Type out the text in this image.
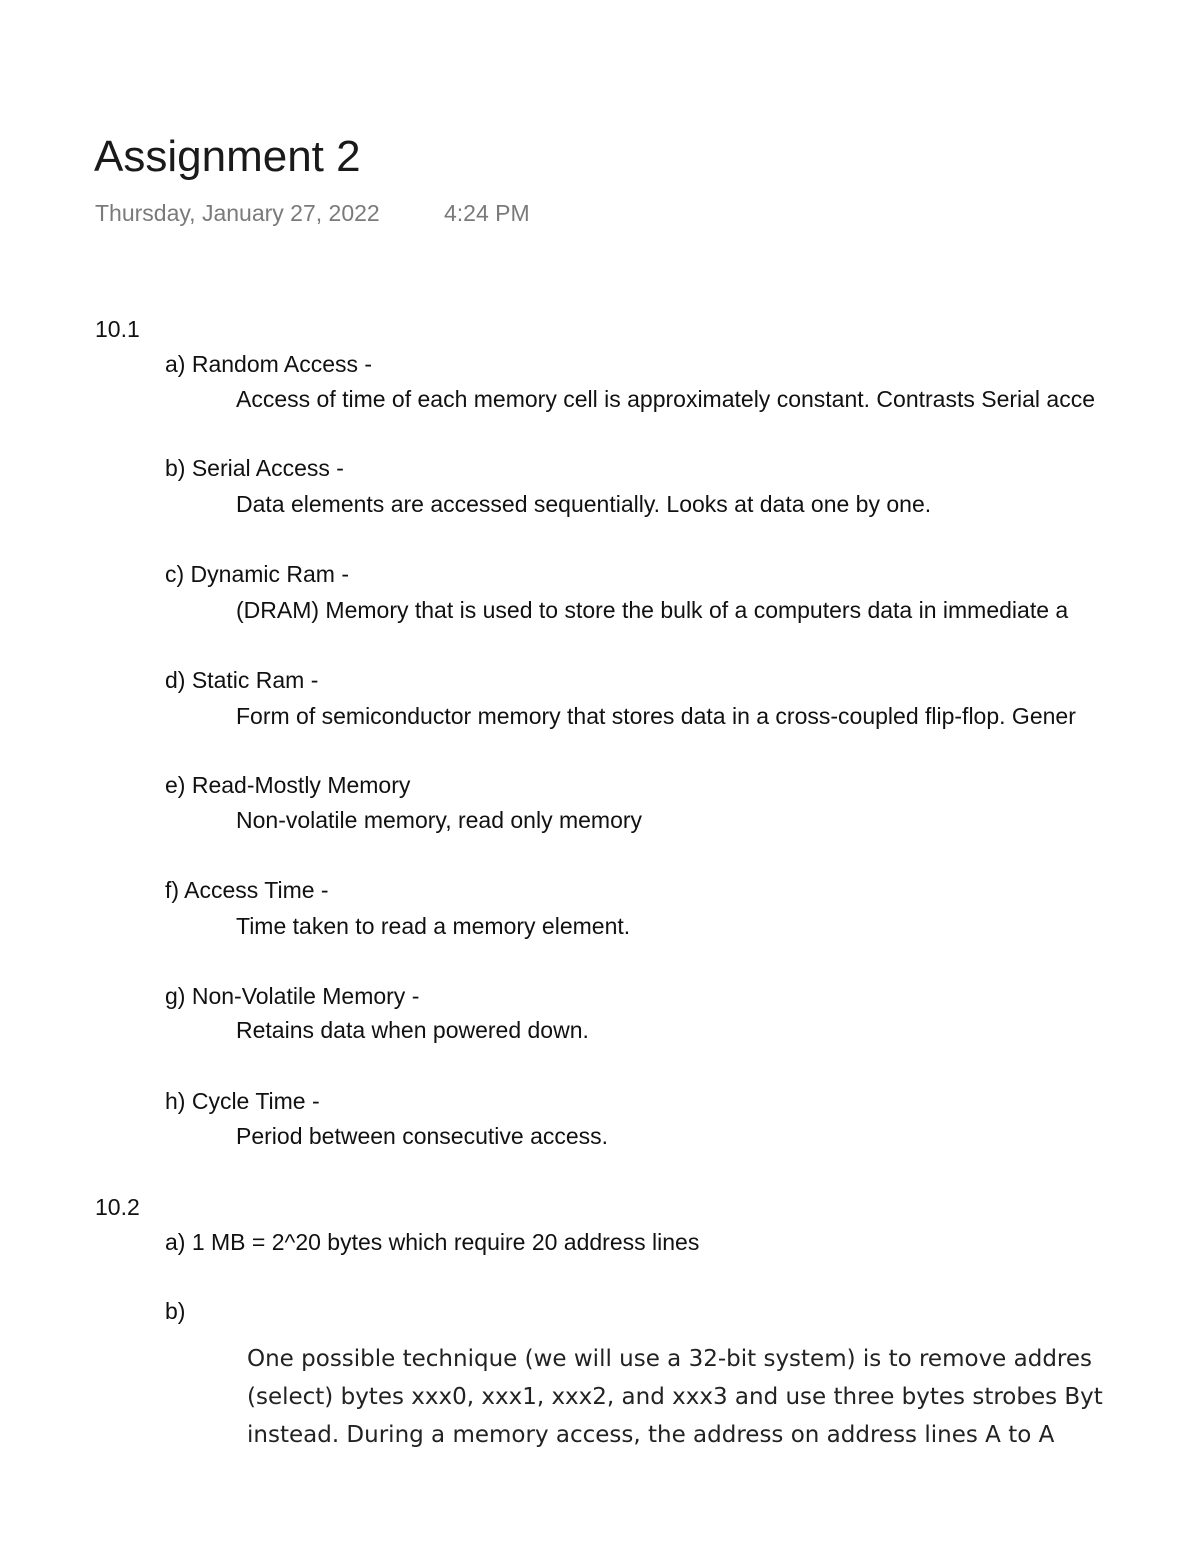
Assignment 2
Thursday, January 27, 2022	4:24 PM
10.1
a) Random Access -
Access of time of each memory cell is approximately constant. Contrasts Serial acce
b) Serial Access -
Data elements are accessed sequentially. Looks at data one by one.
c) Dynamic Ram -
(DRAM) Memory that is used to store the bulk of a computers data in immediate a
d) Static Ram -
Form of semiconductor memory that stores data in a cross-coupled flip-flop. Gener
e) Read-Mostly Memory
Non-volatile memory, read only memory
f) Access Time -
Time taken to read a memory element.
g) Non-Volatile Memory -
Retains data when powered down.
h) Cycle Time -
Period between consecutive access.
10.2
a) 1 MB = 2^20 bytes which require 20 address lines
b)
One possible technique (we will use a 32-bit system) is to remove addres
(select) bytes xxx0, xxx1, xxx2, and xxx3 and use three bytes strobes Byt
instead. During a memory access, the address on address lines A to A
